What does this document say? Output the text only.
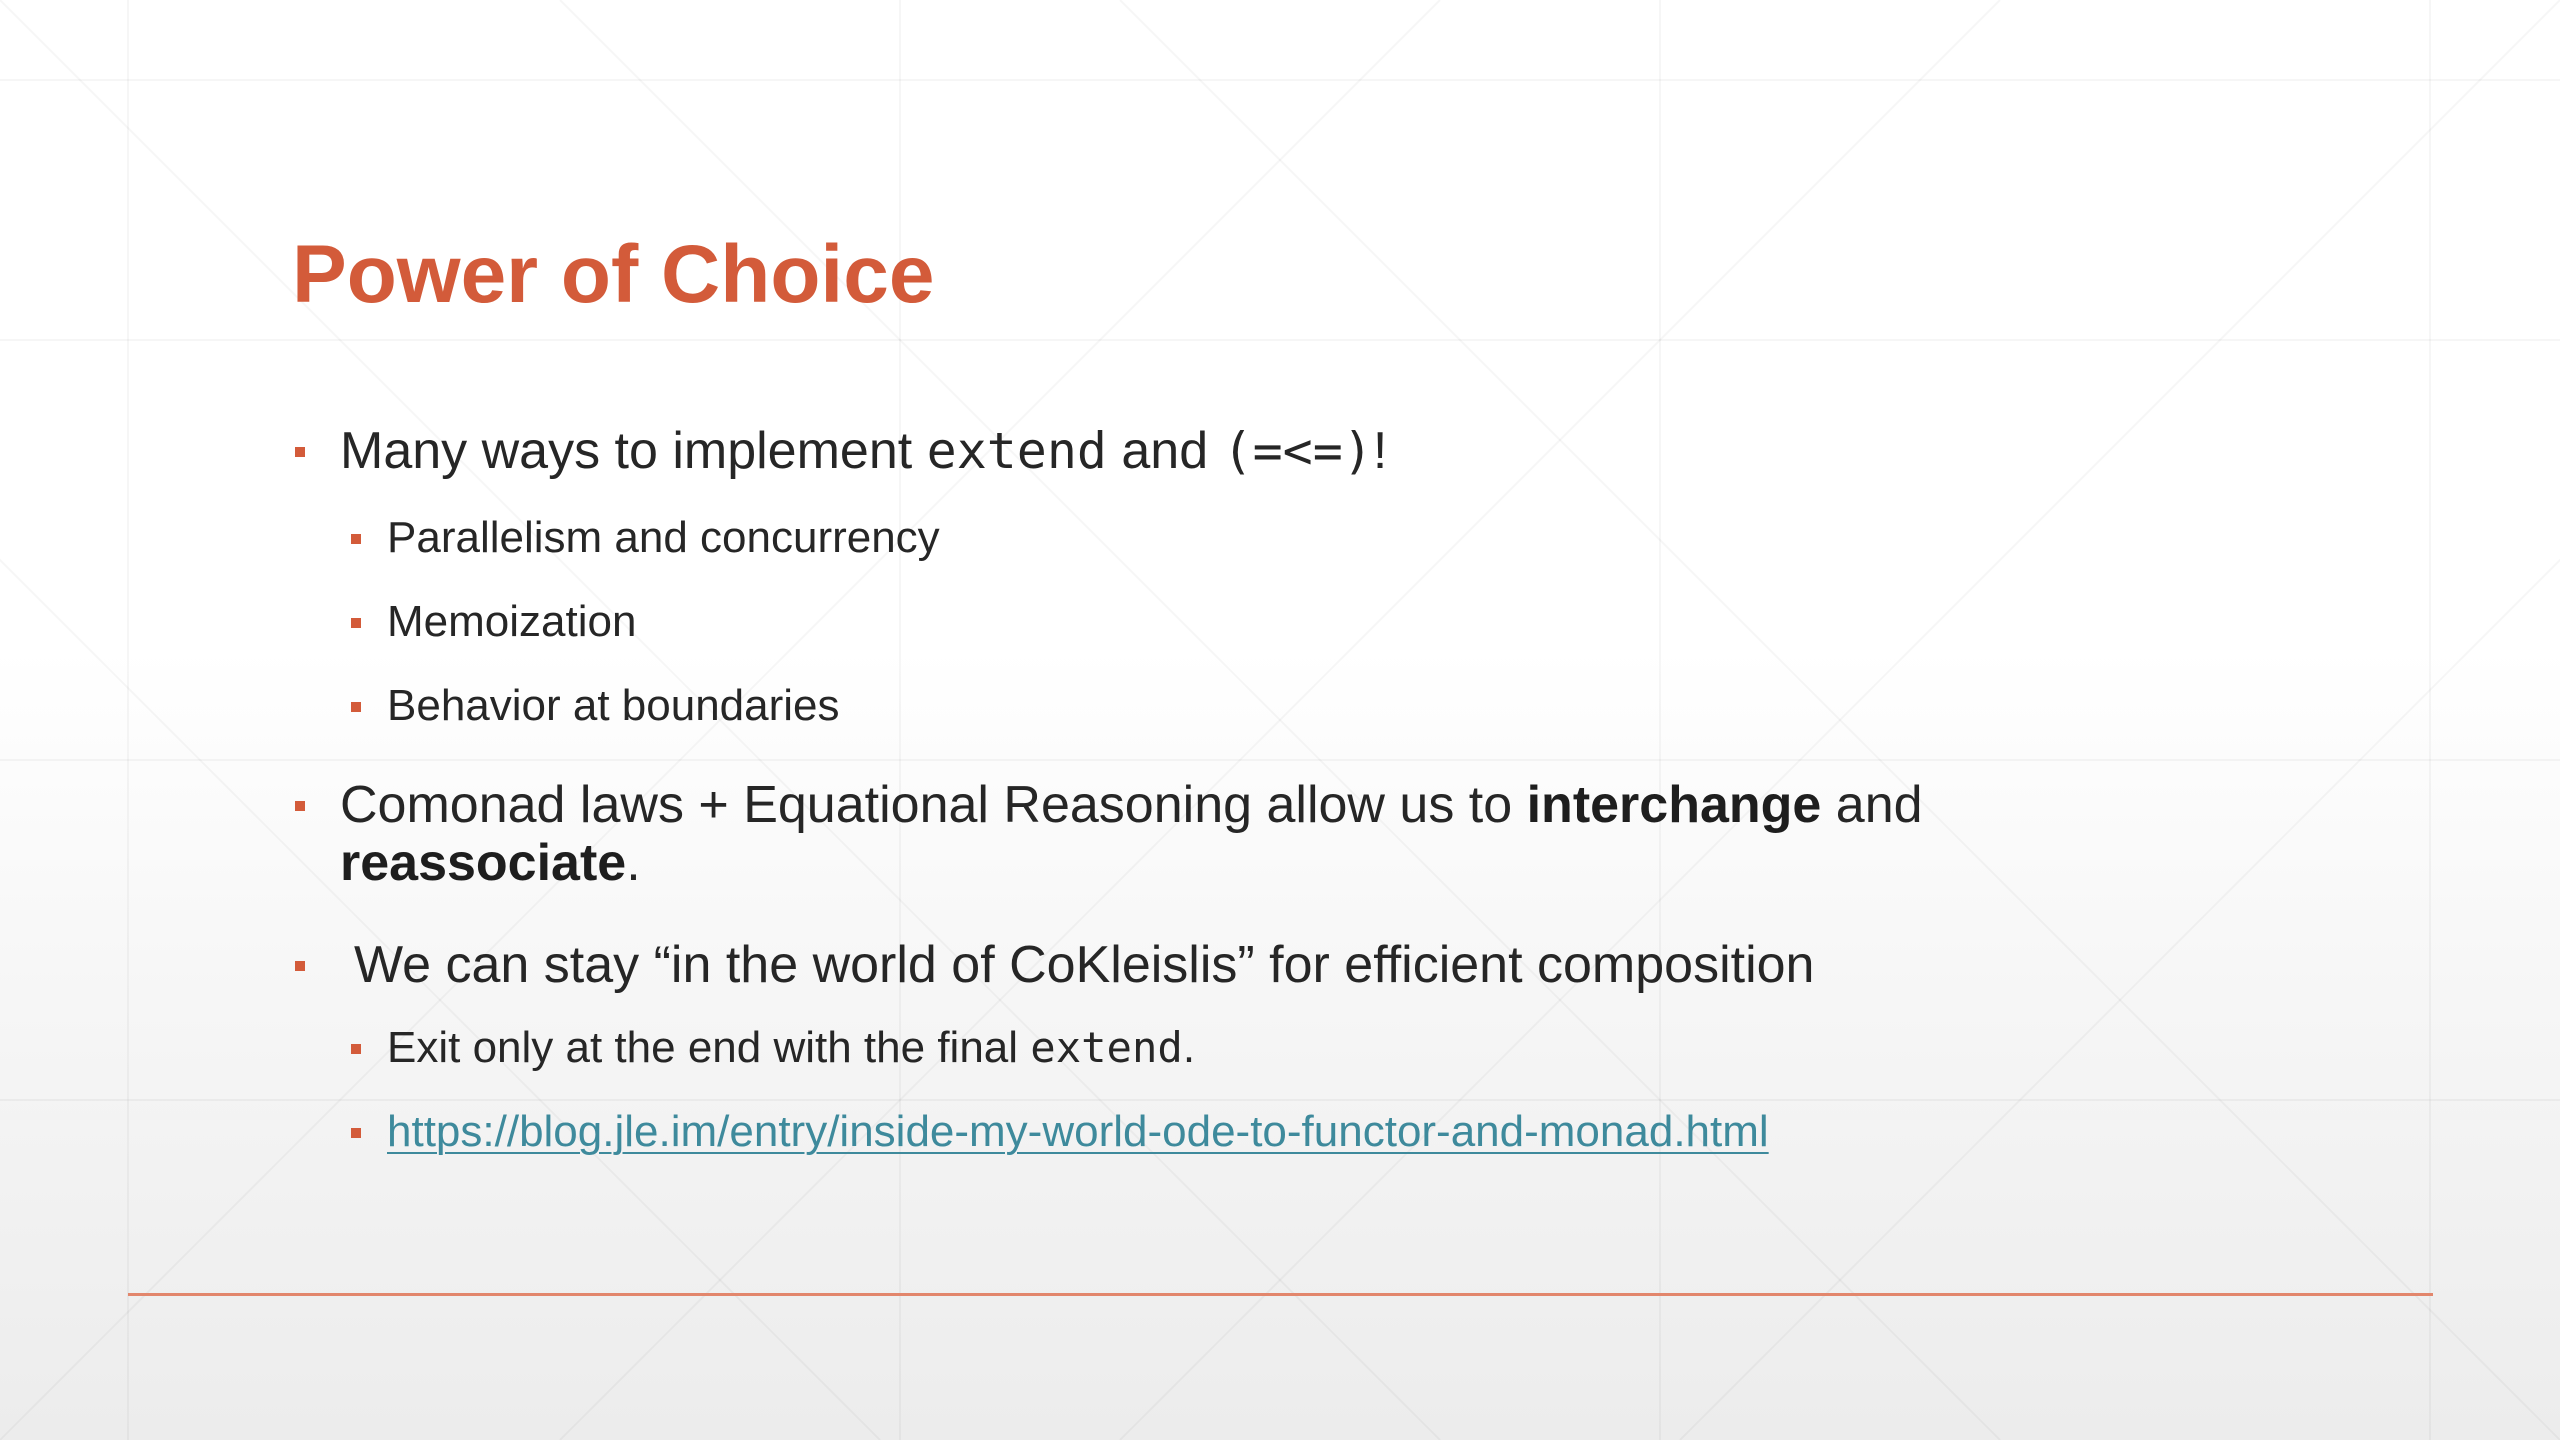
Power of Choice
Many ways to implement extend and (=<=)!
Parallelism and concurrency
Memoization
Behavior at boundaries
Comonad laws + Equational Reasoning allow us to interchange and
reassociate.
We can stay “in the world of CoKleislis” for efficient composition
Exit only at the end with the final extend.
https://blog.jle.im/entry/inside-my-world-ode-to-functor-and-monad.html
